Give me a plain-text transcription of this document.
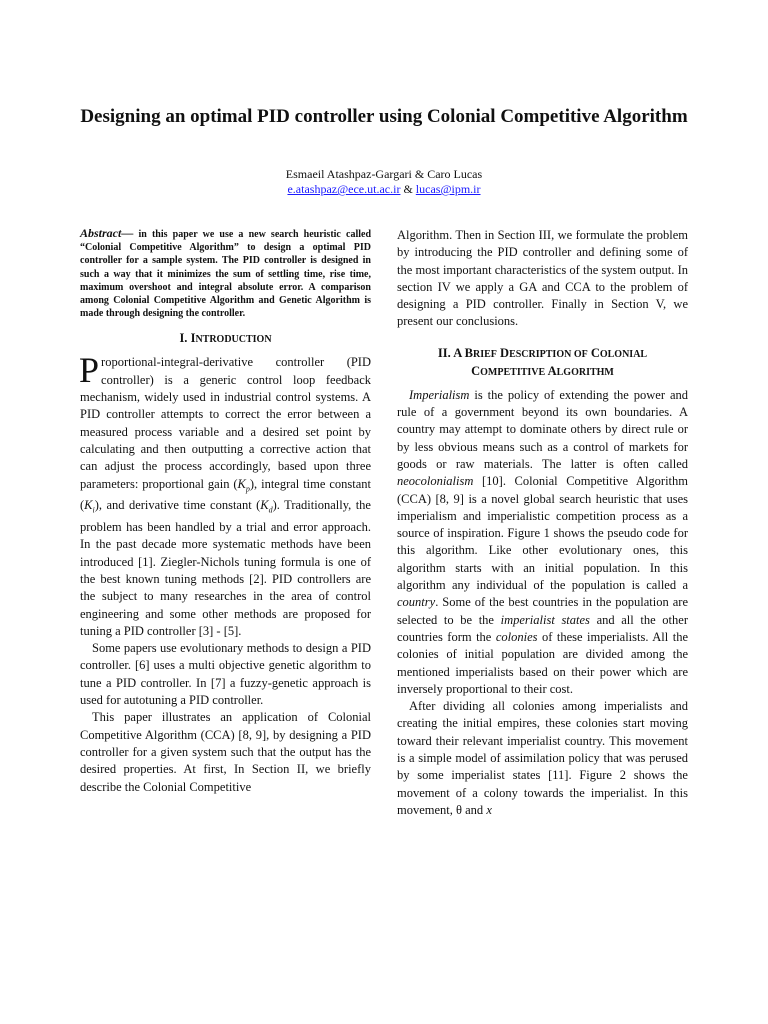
Designing an optimal PID controller using Colonial Competitive Algorithm
Esmaeil Atashpaz-Gargari & Caro Lucas
e.atashpaz@ece.ut.ac.ir & lucas@ipm.ir
Abstract— in this paper we use a new search heuristic called “Colonial Competitive Algorithm” to design a optimal PID controller for a sample system. The PID controller is designed in such a way that it minimizes the sum of settling time, rise time, maximum overshoot and integral absolute error. A comparison among Colonial Competitive Algorithm and Genetic Algorithm is made through designing the controller.
I. INTRODUCTION

Proportional-integral-derivative controller (PID controller) is a generic control loop feedback mechanism, widely used in industrial control systems. A PID controller attempts to correct the error between a measured process variable and a desired set point by calculating and then outputting a corrective action that can adjust the process accordingly, based upon three parameters: proportional gain $(K_p)$, integral time constant $(K_i)$, and derivative time constant $(K_d)$. Traditionally, the problem has been handled by a trial and error approach. In the past decade more systematic methods have been introduced [1]. Ziegler-Nichols tuning formula is one of the best known tuning methods [2]. PID controllers are the subject to many researches in the area of control engineering and some other methods are proposed for tuning a PID controller [3] - [5].

Some papers use evolutionary methods to design a PID controller. [6] uses a multi objective genetic algorithm to tune a PID controller. In [7] a fuzzy-genetic approach is used for autotuning a PID controller.

This paper illustrates an application of Colonial Competitive Algorithm (CCA) [8, 9], by designing a PID controller for a given system such that the output has the desired properties. At first, In Section II, we briefly describe the Colonial Competitive

Algorithm. Then in Section III, we formulate the problem by introducing the PID controller and defining some of the most important characteristics of the system output. In section IV we apply a GA and CCA to the problem of designing a PID controller. Finally in Section V, we present our conclusions.

II. A BRIEF DESCRIPTION OF COLONIAL
COMPETITIVE ALGORITHM

Imperialism is the policy of extending the power and rule of a government beyond its own boundaries. A country may attempt to dominate others by direct rule or by less obvious means such as a control of markets for goods or raw materials. The latter is often called neocolonialism [10]. Colonial Competitive Algorithm (CCA) [8, 9] is a novel global search heuristic that uses imperialism and imperialistic competition process as a source of inspiration. Figure 1 shows the pseudo code for this algorithm. Like other evolutionary ones, this algorithm starts with an initial population. In this algorithm any individual of the population is called a country. Some of the best countries in the population are selected to be the imperialist states and all the other countries form the colonies of these imperialists. All the colonies of initial population are divided among the mentioned imperialists based on their power which are inversely proportional to their cost.

After dividing all colonies among imperialists and creating the initial empires, these colonies start moving toward their relevant imperialist country. This movement is a simple model of assimilation policy that was perused by some imperialist states [11]. Figure 2 shows the movement of a colony towards the imperialist. In this movement, θ and x
